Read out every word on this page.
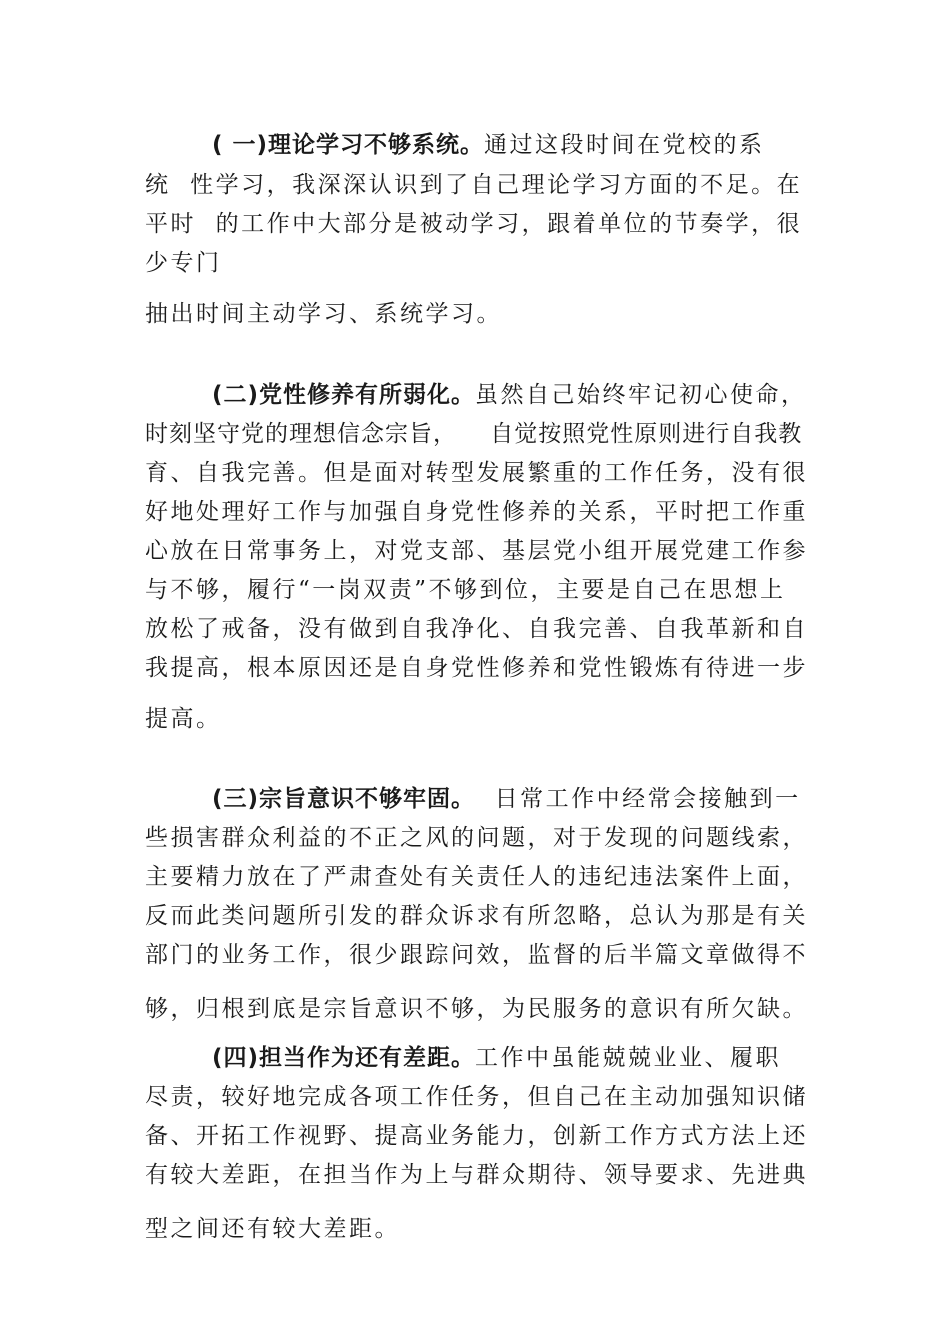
( 一)理论学习不够系统。通过这段时间在党校的系
统  性学习，我深深认识到了自己理论学习方面的不足。在
平时  的工作中大部分是被动学习，跟着单位的节奏学，很
少专门
抽出时间主动学习、系统学习。
(二)党性修养有所弱化。虽然自己始终牢记初心使命，
时刻坚守党的理想信念宗旨，    自觉按照党性原则进行自我教
育、自我完善。但是面对转型发展繁重的工作任务，没有很
好地处理好工作与加强自身党性修养的关系，平时把工作重
心放在日常事务上，对党支部、基层党小组开展党建工作参
与不够，履行“一岗双责”不够到位，主要是自己在思想上
放松了戒备，没有做到自我净化、自我完善、自我革新和自
我提高，根本原因还是自身党性修养和党性锻炼有待进一步
提高。
(三)宗旨意识不够牢固。  日常工作中经常会接触到一
些损害群众利益的不正之风的问题，对于发现的问题线索，
主要精力放在了严肃查处有关责任人的违纪违法案件上面，
反而此类问题所引发的群众诉求有所忽略，总认为那是有关
部门的业务工作，很少跟踪问效，监督的后半篇文章做得不
够，归根到底是宗旨意识不够，为民服务的意识有所欠缺。
(四)担当作为还有差距。工作中虽能兢兢业业、履职
尽责，较好地完成各项工作任务，但自己在主动加强知识储
备、开拓工作视野、提高业务能力，创新工作方式方法上还
有较大差距，在担当作为上与群众期待、领导要求、先进典
型之间还有较大差距。
